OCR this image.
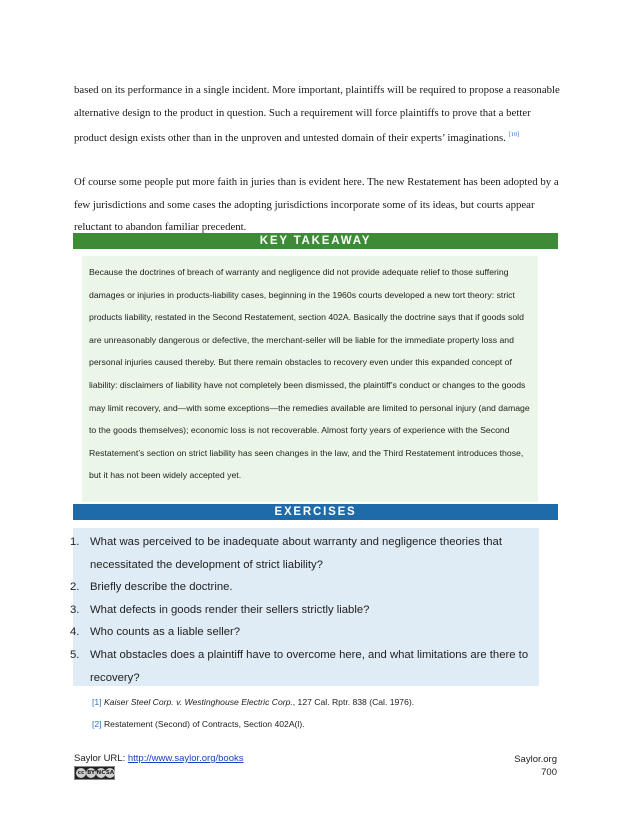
based on its performance in a single incident. More important, plaintiffs will be required to propose a reasonable alternative design to the product in question. Such a requirement will force plaintiffs to prove that a better product design exists other than in the unproven and untested domain of their experts’ imaginations. [10]

Of course some people put more faith in juries than is evident here. The new Restatement has been adopted by a few jurisdictions and some cases the adopting jurisdictions incorporate some of its ideas, but courts appear reluctant to abandon familiar precedent.

KEY TAKEAWAY

Because the doctrines of breach of warranty and negligence did not provide adequate relief to those suffering damages or injuries in products-liability cases, beginning in the 1960s courts developed a new tort theory: strict products liability, restated in the Second Restatement, section 402A. Basically the doctrine says that if goods sold are unreasonably dangerous or defective, the merchant-seller will be liable for the immediate property loss and personal injuries caused thereby. But there remain obstacles to recovery even under this expanded concept of liability: disclaimers of liability have not completely been dismissed, the plaintiff’s conduct or changes to the goods may limit recovery, and—with some exceptions—the remedies available are limited to personal injury (and damage to the goods themselves); economic loss is not recoverable. Almost forty years of experience with the Second Restatement’s section on strict liability has seen changes in the law, and the Third Restatement introduces those, but it has not been widely accepted yet.

EXERCISES
1. What was perceived to be inadequate about warranty and negligence theories that necessitated the development of strict liability?
2. Briefly describe the doctrine.
3. What defects in goods render their sellers strictly liable?
4. Who counts as a liable seller?
5. What obstacles does a plaintiff have to overcome here, and what limitations are there to recovery?
[1] Kaiser Steel Corp. v. Westinghouse Electric Corp., 127 Cal. Rptr. 838 (Cal. 1976).
[2] Restatement (Second) of Contracts, Section 402A(l).
Saylor URL: http://www.saylor.org/books
cc BY NC SA
Saylor.org
700
